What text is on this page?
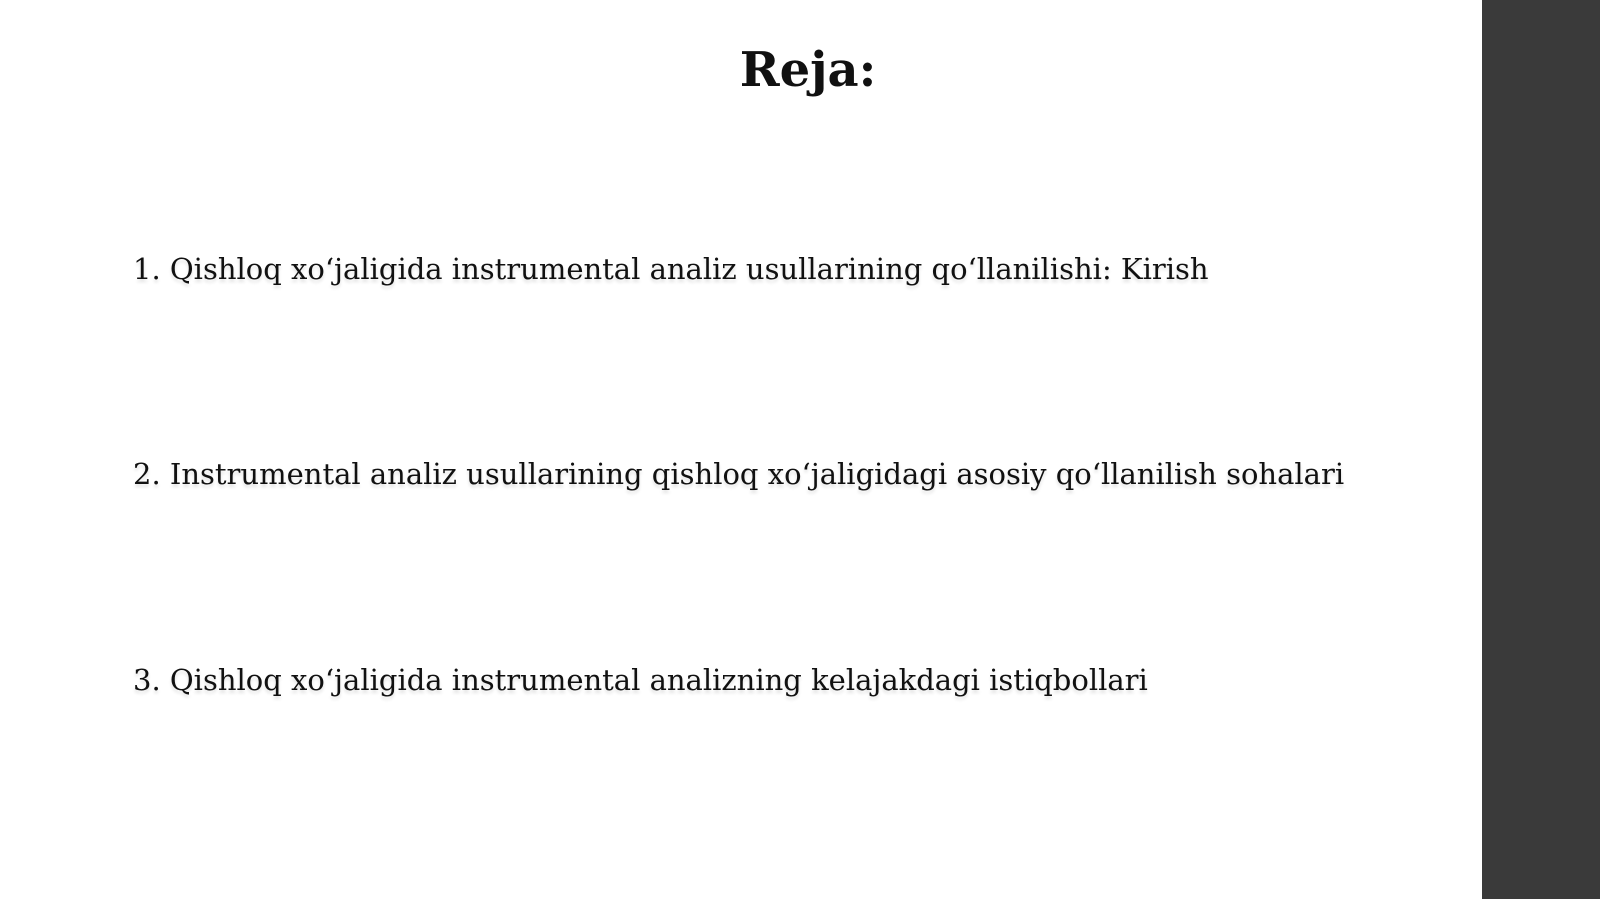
Reja:
1. Qishloq xo‘jaligida instrumental analiz usullarining qo‘llanilishi: Kirish
2. Instrumental analiz usullarining qishloq xo‘jaligidagi asosiy qo‘llanilish sohalari
3. Qishloq xo‘jaligida instrumental analizning kelajakdagi istiqbollari
